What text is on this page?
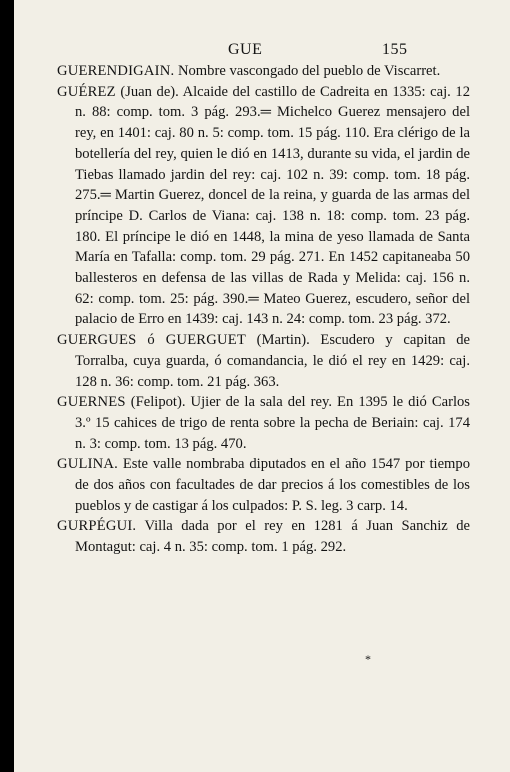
GUE	155

GUERENDIGAIN. Nombre vascongado del pueblo de Viscarret.

GUÉREZ (Juan de). Alcaide del castillo de Cadreita en 1335: caj. 12 n. 88: comp. tom. 3 pág. 293.═ Michelco Guerez mensajero del rey, en 1401: caj. 80 n. 5: comp. tom. 15 pág. 110. Era clérigo de la botellería del rey, quien le dió en 1413, durante su vida, el jardin de Tiebas llamado jardin del rey: caj. 102 n. 39: comp. tom. 18 pág. 275.═ Martin Guerez, doncel de la reina, y guarda de las armas del príncipe D. Carlos de Viana: caj. 138 n. 18: comp. tom. 23 pág. 180. El príncipe le dió en 1448, la mina de yeso llamada de Santa María en Tafalla: comp. tom. 29 pág. 271. En 1452 capitaneaba 50 ballesteros en defensa de las villas de Rada y Melida: caj. 156 n. 62: comp. tom. 25: pág. 390.═ Mateo Guerez, escudero, señor del palacio de Erro en 1439: caj. 143 n. 24: comp. tom. 23 pág. 372.

GUERGUES ó GUERGUET (Martin). Escudero y capitan de Torralba, cuya guarda, ó comandancia, le dió el rey en 1429: caj. 128 n. 36: comp. tom. 21 pág. 363.

GUERNES (Felipot). Ujier de la sala del rey. En 1395 le dió Carlos 3.º 15 cahices de trigo de renta sobre la pecha de Beriain: caj. 174 n. 3: comp. tom. 13 pág. 470.

GULINA. Este valle nombraba diputados en el año 1547 por tiempo de dos años con facultades de dar precios á los comestibles de los pueblos y de castigar á los culpados: P. S. leg. 3 carp. 14.

GURPÉGUI. Villa dada por el rey en 1281 á Juan Sanchiz de Montagut: caj. 4 n. 35: comp. tom. 1 pág. 292.

*
